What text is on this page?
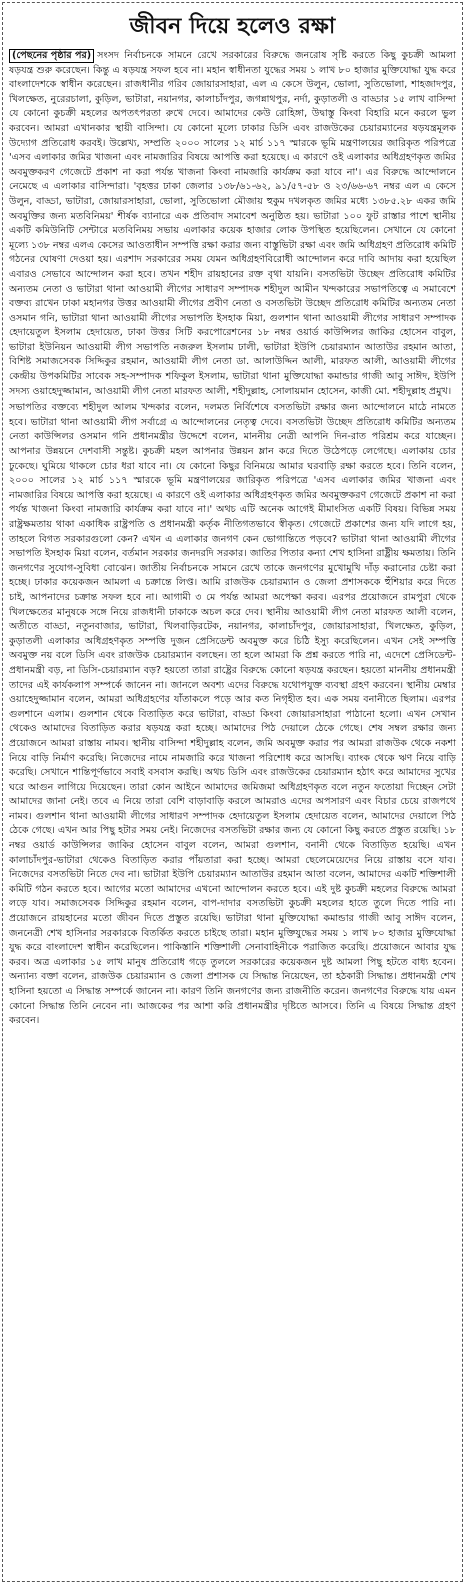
জীবন দিয়ে হলেও রক্ষা

(পেছনের পৃষ্ঠার পর) সংসদ নির্বাচনকে সামনে রেখে সরকারের বিরুদ্ধে জনরোষ সৃষ্টি করতে কিছু কুচক্রী আমলা ষড়যন্ত্র শুরু করেছেন। কিন্তু এ ষড়যন্ত্র সফল হবে না। মহান স্বাধীনতা যুদ্ধের সময় ১ লাখ ৮০ হাজার মুক্তিযোদ্ধা যুদ্ধ করে বাংলাদেশকে স্বাধীন করেছেন। রাজধানীর গরিব জোয়ারসাহারা, এল এ কেসে উলুন, ভোলা, সুতিভোলা, শাহজাদপুর, খিলক্ষেত, নুরেরচালা, কুড়িল, ভাটারা, নয়ানগর, কালাচাঁদপুর, জগন্নাথপুর, নর্দা, কুড়াতলী ও বাড্ডার ১৫ লাখ বাসিন্দা যে কোনো কুচক্রী মহলের অপতৎপরতা রুখে দেবে। আমাদের কেউ রোহিঙ্গা, উদ্বাস্তু কিংবা বিহারি মনে করলে ভুল করবেন। আমরা এখানকার স্থায়ী বাসিন্দা। যে কোনো মূল্যে ঢাকার ডিসি এবং রাজউকের চেয়ারম্যানের ষড়যন্ত্রমূলক উদ্যোগ প্রতিরোধ করবই। উল্লেখ্য, সম্প্রতি ২০০০ সালের ১২ মার্চ ১১৭ স্মারকে ভূমি মন্ত্রণালয়ের জারিকৃত পরিপত্রে 'এসব এলাকার জমির খাজনা এবং নামজারির বিষয়ে আপত্তি করা হয়েছে। এ কারণে ওই এলাকার অধিগ্রহণকৃত জমির অবমুক্তকরণ গেজেটে প্রকাশ না করা পর্যন্ত খাজনা কিংবা নামজারি কার্যক্রম করা যাবে না'। এর বিরুদ্ধে আন্দোলনে নেমেছে এ এলাকার বাসিন্দারা। 'বৃহত্তর ঢাকা জেলার ১৩৮/৬১-৬২, ৯১/৫৭-৫৮ ও ২৩/৬৬-৬৭ নম্বর এল এ কেসে উলুন, বাড্ডা, ভাটারা, জোয়ারসাহারা, ভোলা, সুতিভোলা মৌজায় হুকুম দখলকৃত জমির মধ্যে ১৩৮৫.২৮ একর জমি অবমুক্তির জন্য মতবিনিময়' শীর্ষক ব্যানারে এক প্রতিবাদ সমাবেশ অনুষ্ঠিত হয়। ভাটারা ১০০ ফুট রাস্তার পাশে স্থানীয় একটি কমিউনিটি সেন্টারে মতবিনিময় সভায় এলাকার কয়েক হাজার লোক উপস্থিত হয়েছিলেন। সেখানে যে কোনো মূল্যে ১৩৮ নম্বর এলএ কেসের আওতাধীন সম্পত্তি রক্ষা করার জন্য বাস্তুভিটা রক্ষা এবং জমি অধিগ্রহণ প্রতিরোধ কমিটি গঠনের ঘোষণা দেওয়া হয়। এরশাদ সরকারের সময় যেমন অধিগ্রহণবিরোধী আন্দোলন করে দাবি আদায় করা হয়েছিল এবারও সেভাবে আন্দোলন করা হবে। তখন শহীদ রায়হানের রক্ত বৃথা যায়নি। বসতভিটা উচ্ছেদ প্রতিরোধ কমিটির অন্যতম নেতা ও ভাটারা থানা আওয়ামী লীগের সাধারণ সম্পাদক শহীদুল আমীন খন্দকারের সভাপতিত্বে এ সমাবেশে বক্তব্য রাখেন ঢাকা মহানগর উত্তর আওয়ামী লীগের প্রবীণ নেতা ও বসতভিটা উচ্ছেদ প্রতিরোধ কমিটির অন্যতম নেতা ওসমান গনি, ভাটারা থানা আওয়ামী লীগের সভাপতি ইসহাক মিয়া, গুলশান থানা আওয়ামী লীগের সাধারণ সম্পাদক হেদায়েতুল ইসলাম হেদায়েত, ঢাকা উত্তর সিটি করপোরেশনের ১৮ নম্বর ওয়ার্ড কাউন্সিলর জাকির হোসেন বাবুল, ভাটারা ইউনিয়ন আওয়ামী লীগ সভাপতি নজরুল ইসলাম ঢালী, ভাটারা ইউপি চেয়ারম্যান আতাউর রহমান আতা, বিশিষ্ট সমাজসেবক সিদ্দিকুর রহমান, আওয়ামী লীগ নেতা ডা. আলাউদ্দিন আলী, মারফত আলী, আওয়ামী লীগের কেন্দ্রীয় উপকমিটির সাবেক সহ-সম্পাদক শফিকুল ইসলাম, ভাটারা থানা মুক্তিযোদ্ধা কমান্ডার গাজী আবু সাঈদ, ইউপি সদস্য ওয়াহেদুজ্জামান, আওয়ামী লীগ নেতা মারফত আলী, শহীদুল্লাহ, সোলায়মান হোসেন, কাজী মো. শহীদুল্লাহ প্রমুখ।

সভাপতির বক্তব্যে শহীদুল আলম খন্দকার বলেন, দলমত নির্বিশেষে বসতভিটা রক্ষার জন্য আন্দোলনে মাঠে নামতে হবে। ভাটারা থানা আওয়ামী লীগ সর্বাগ্রে এ আন্দোলনের নেতৃত্ব দেবে। বসতভিটা উচ্ছেদ প্রতিরোধ কমিটির অন্যতম নেতা কাউন্সিলর ওসমান গনি প্রধানমন্ত্রীর উদ্দেশে বলেন, মাননীয় নেত্রী আপনি দিন-রাত পরিশ্রম করে যাচ্ছেন। আপনার উন্নয়নে দেশবাসী সন্তুষ্ট। কুচক্রী মহল আপনার উন্নয়ন ম্লান করে দিতে উঠেপড়ে লেগেছে। এলাকায় চোর ঢুকেছে। ঘুমিয়ে থাকলে চোর ধরা যাবে না। যে কোনো কিছুর বিনিময়ে আমার ঘরবাড়ি রক্ষা করতে হবে। তিনি বলেন, ২০০০ সালের ১২ মার্চ ১১৭ স্মারকে ভূমি মন্ত্রণালয়ের জারিকৃত পরিপত্রে 'এসব এলাকার জমির খাজনা এবং নামজারির বিষয়ে আপত্তি করা হয়েছে। এ কারণে ওই এলাকার অধিগ্রহণকৃত জমির অবমুক্তকরণ গেজেটে প্রকাশ না করা পর্যন্ত খাজনা কিংবা নামজারি কার্যক্রম করা যাবে না।' অথচ এটি অনেক আগেই মীমাংসিত একটি বিষয়। বিভিন্ন সময় রাষ্ট্রক্ষমতায় থাকা একাধিক রাষ্ট্রপতি ও প্রধানমন্ত্রী কর্তৃক নীতিগতভাবে স্বীকৃত। গেজেটে প্রকাশের জন্য যদি লাগে হয়, তাহলে বিগত সরকারগুলো কেন? এখন এ এলাকার জনগণ কেন ভোগান্তিতে পড়বে? ভাটারা থানা আওয়ামী লীগের সভাপতি ইসহাক মিয়া বলেন, বর্তমান সরকার জনদরদি সরকার। জাতির পিতার কন্যা শেখ হাসিনা রাষ্ট্রীয় ক্ষমতায়। তিনি জনগণের সুযোগ-সুবিধা বোঝেন। জাতীয় নির্বাচনকে সামনে রেখে তাকে জনগণের মুখোমুখি দাঁড় করানোর চেষ্টা করা হচ্ছে। ঢাকার কয়েকজন আমলা এ চক্রান্তে লিপ্ত। আমি রাজউক চেয়ারম্যান ও জেলা প্রশাসককে হুঁশিয়ার করে দিতে চাই, আপনাদের চক্রান্ত সফল হবে না। আগামী ৩ মে পর্যন্ত আমরা অপেক্ষা করব। এরপর প্রয়োজনে রামপুরা থেকে খিলক্ষেতের মানুষকে সঙ্গে নিয়ে রাজধানী ঢাকাকে অচল করে দেব। স্থানীয় আওয়ামী লীগ নেতা মারফত আলী বলেন, অতীতে বাড্ডা, নতুনবাজার, ভাটারা, খিলবাড়িরটেক, নয়ানগর, কালাচাঁদপুর, জোয়ারসাহারা, খিলক্ষেত, কুড়িল, কুড়াতলী এলাকার অধিগ্রহণকৃত সম্পত্তি দুজন প্রেসিডেন্ট অবমুক্ত করে চিঠি ইস্যু করেছিলেন। এখন সেই সম্পত্তি অবমুক্ত নয় বলে ডিসি এবং রাজউক চেয়ারম্যান বলছেন। তা হলে আমরা কি প্রশ্ন করতে পারি না, এদেশে প্রেসিডেন্ট-প্রধানমন্ত্রী বড়, না ডিসি-চেয়ারম্যান বড়? হয়তো তারা রাষ্ট্রের বিরুদ্ধে কোনো ষড়যন্ত্র করছেন। হয়তো মাননীয় প্রধানমন্ত্রী তাদের এই কার্যকলাপ সম্পর্কে জানেন না। জানলে অবশ্য এদের বিরুদ্ধে যথোপযুক্ত ব্যবস্থা গ্রহণ করবেন। স্থানীয় মেম্বার ওয়াহেদুজ্জামান বলেন, আমরা অধিগ্রহণের যাঁতাকলে পড়ে আর কত নিগৃহীত হব। এক সময় বনানীতে ছিলাম। এরপর গুলশানে এলাম। গুলশান থেকে বিতাড়িত করে ভাটারা, বাড্ডা কিংবা জোয়ারসাহারা পাঠানো হলো। এখন সেখান থেকেও আমাদের বিতাড়িত করার ষড়যন্ত্র করা হচ্ছে। আমাদের পিঠ দেয়ালে ঠেকে গেছে। শেষ সম্বল রক্ষার জন্য প্রয়োজনে আমরা রাস্তায় নামব। স্থানীয় বাসিন্দা শহীদুল্লাহ বলেন, জমি অবমুক্ত করার পর আমরা রাজউক থেকে নকশা নিয়ে বাড়ি নির্মাণ করেছি। নিজেদের নামে নামজারি করে খাজনা পরিশোধ করে আসছি। ব্যাংক থেকে ঋণ নিয়ে বাড়ি করেছি। সেখানে শান্তিপূর্ণভাবে সবাই বসবাস করছি। অথচ ডিসি এবং রাজউকের চেয়ারম্যান হঠাৎ করে আমাদের সুখের ঘরে আগুন লাগিয়ে দিয়েছেন। তারা কোন আইনে আমাদের জমিজমা অধিগ্রহণকৃত বলে নতুন ফতোয়া দিচ্ছেন সেটা আমাদের জানা নেই। তবে এ নিয়ে তারা বেশি বাড়াবাড়ি করলে আমরাও এদের অপসারণ এবং বিচার চেয়ে রাজপথে নামব। গুলশান থানা আওয়ামী লীগের সাধারণ সম্পাদক হেদায়েতুল ইসলাম হেদায়েত বলেন, আমাদের দেয়ালে পিঠ ঠেকে গেছে। এখন আর পিছু হটার সময় নেই। নিজেদের বসতভিটা রক্ষার জন্য যে কোনো কিছু করতে প্রস্তুত রয়েছি। ১৮ নম্বর ওয়ার্ড কাউন্সিলর জাকির হোসেন বাবুল বলেন, আমরা গুলশান, বনানী থেকে বিতাড়িত হয়েছি। এখন কালাচাঁদপুর-ভাটারা থেকেও বিতাড়িত করার পাঁয়তারা করা হচ্ছে। আমরা ছেলেমেয়েদের নিয়ে রাস্তায় বসে যাব। নিজেদের বসতভিটা নিতে দেব না। ভাটারা ইউপি চেয়ারম্যান আতাউর রহমান আতা বলেন, আমাদের একটি শক্তিশালী কমিটি গঠন করতে হবে। আগের মতো আমাদের এখনো আন্দোলন করতে হবে। এই দুষ্ট কুচক্রী মহলের বিরুদ্ধে আমরা লড়ে যাব। সমাজসেবক সিদ্দিকুর রহমান বলেন, বাপ-দাদার বসতভিটা কুচক্রী মহলের হাতে তুলে দিতে পারি না। প্রয়োজনে রায়হানের মতো জীবন দিতে প্রস্তুত রয়েছি। ভাটারা থানা মুক্তিযোদ্ধা কমান্ডার গাজী আবু সাঈদ বলেন, জননেত্রী শেখ হাসিনার সরকারকে বিতর্কিত করতে চাইছে তারা। মহান মুক্তিযুদ্ধের সময় ১ লাখ ৮০ হাজার মুক্তিযোদ্ধা যুদ্ধ করে বাংলাদেশ স্বাধীন করেছিলেন। পাকিস্তানি শক্তিশালী সেনাবাহিনীকে পরাজিত করেছি। প্রয়োজনে আবার যুদ্ধ করব। অত্র এলাকার ১৫ লাখ মানুষ প্রতিরোধ গড়ে তুললে সরকারের কয়েকজন দুষ্ট আমলা পিছু হটতে বাধ্য হবেন। অন্যান্য বক্তা বলেন, রাজউক চেয়ারম্যান ও জেলা প্রশাসক যে সিদ্ধান্ত নিয়েছেন, তা হঠকারী সিদ্ধান্ত। প্রধানমন্ত্রী শেখ হাসিনা হয়তো এ সিদ্ধান্ত সম্পর্কে জানেন না। কারণ তিনি জনগণের জন্য রাজনীতি করেন। জনগণের বিরুদ্ধে যায় এমন কোনো সিদ্ধান্ত তিনি নেবেন না। আজকের পর আশা করি প্রধানমন্ত্রীর দৃষ্টিতে আসবে। তিনি এ বিষয়ে সিদ্ধান্ত গ্রহণ করবেন।
